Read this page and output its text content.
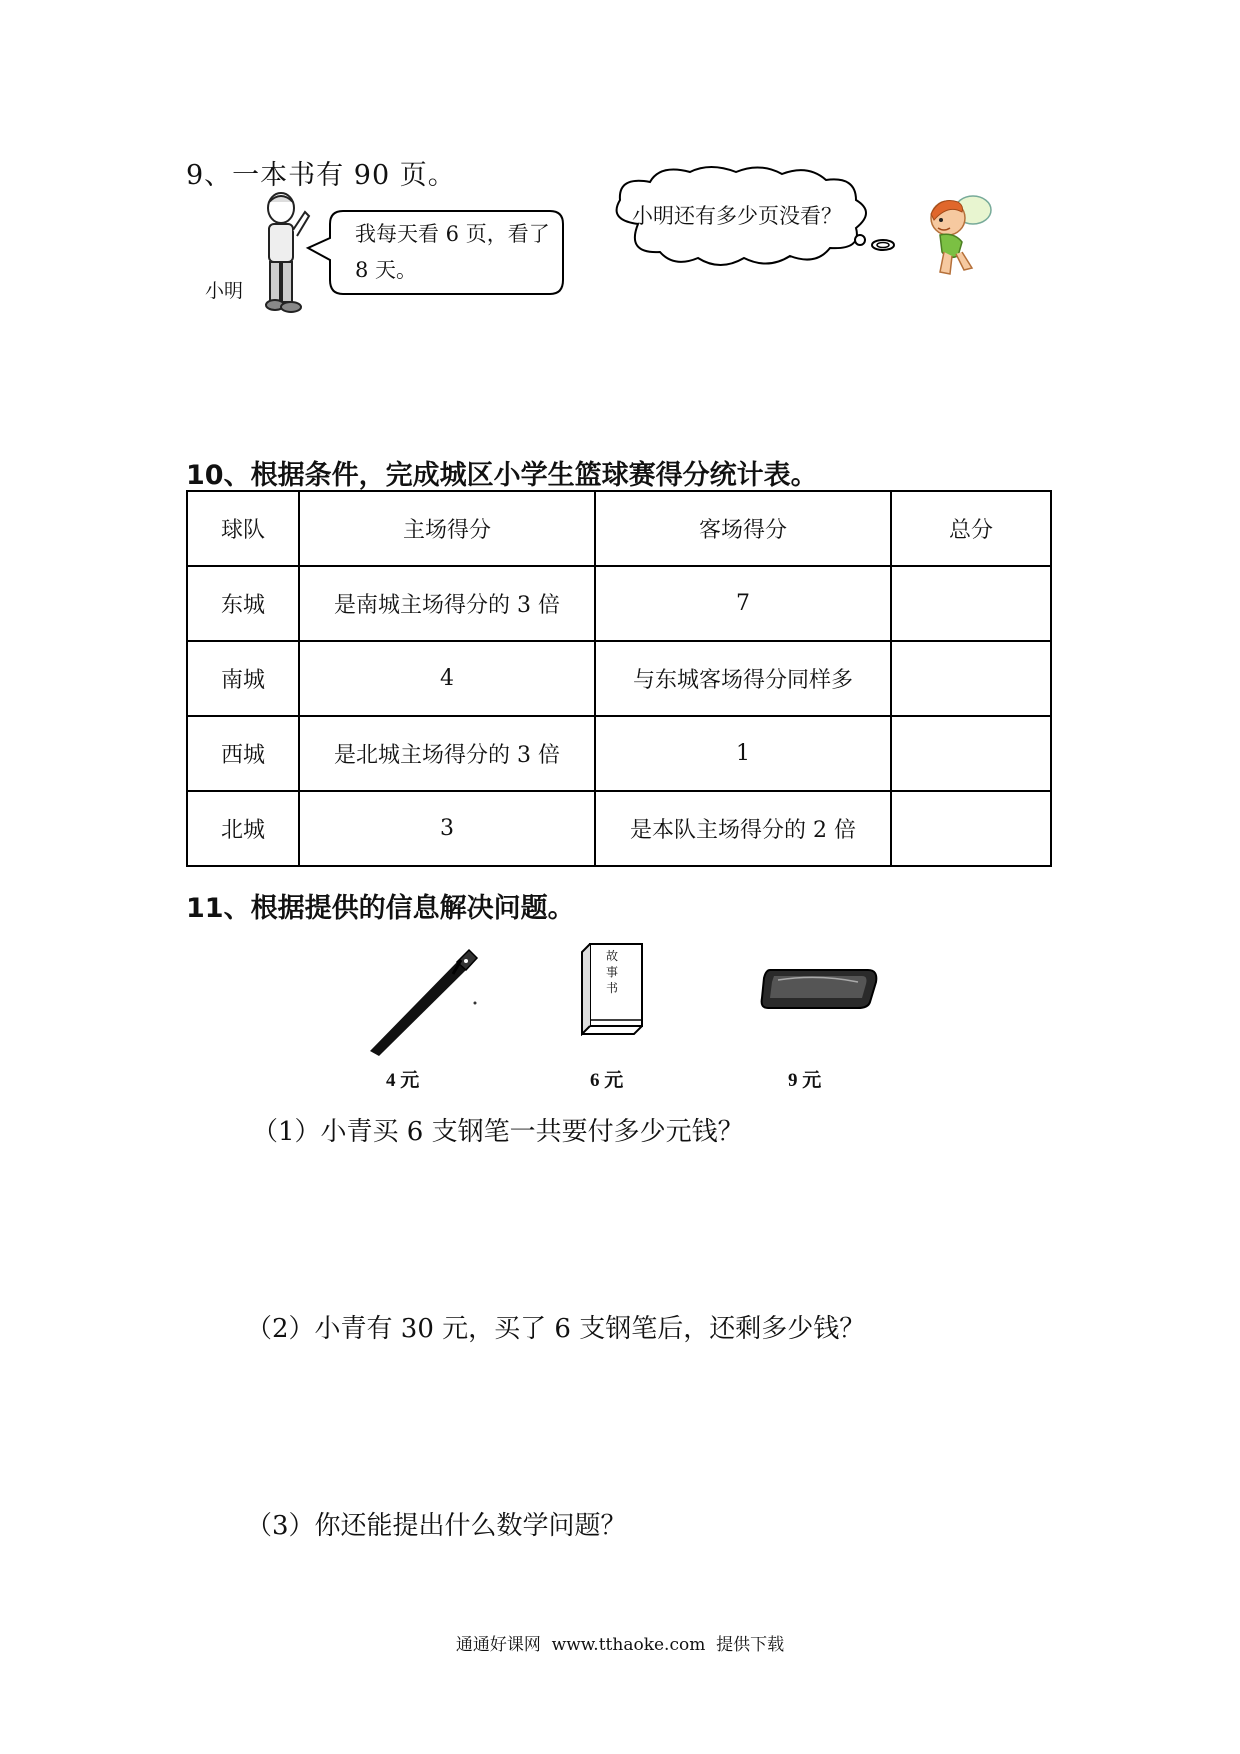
9、一本书有 90 页。
小明
我每天看 6 页，看了 8 天。
小明还有多少页没看？
10、根据条件，完成城区小学生篮球赛得分统计表。
球队	主场得分	客场得分	总分
东城	是南城主场得分的 3 倍	7	
南城	4	与东城客场得分同样多	
西城	是北城主场得分的 3 倍	1	
北城	3	是本队主场得分的 2 倍	
11、根据提供的信息解决问题。
4 元
故事书
6 元	9 元
（1）小青买 6 支钢笔一共要付多少元钱？
（2）小青有 30 元，买了 6 支钢笔后，还剩多少钱？
（3）你还能提出什么数学问题？
通通好课网  www.tthaoke.com  提供下载
